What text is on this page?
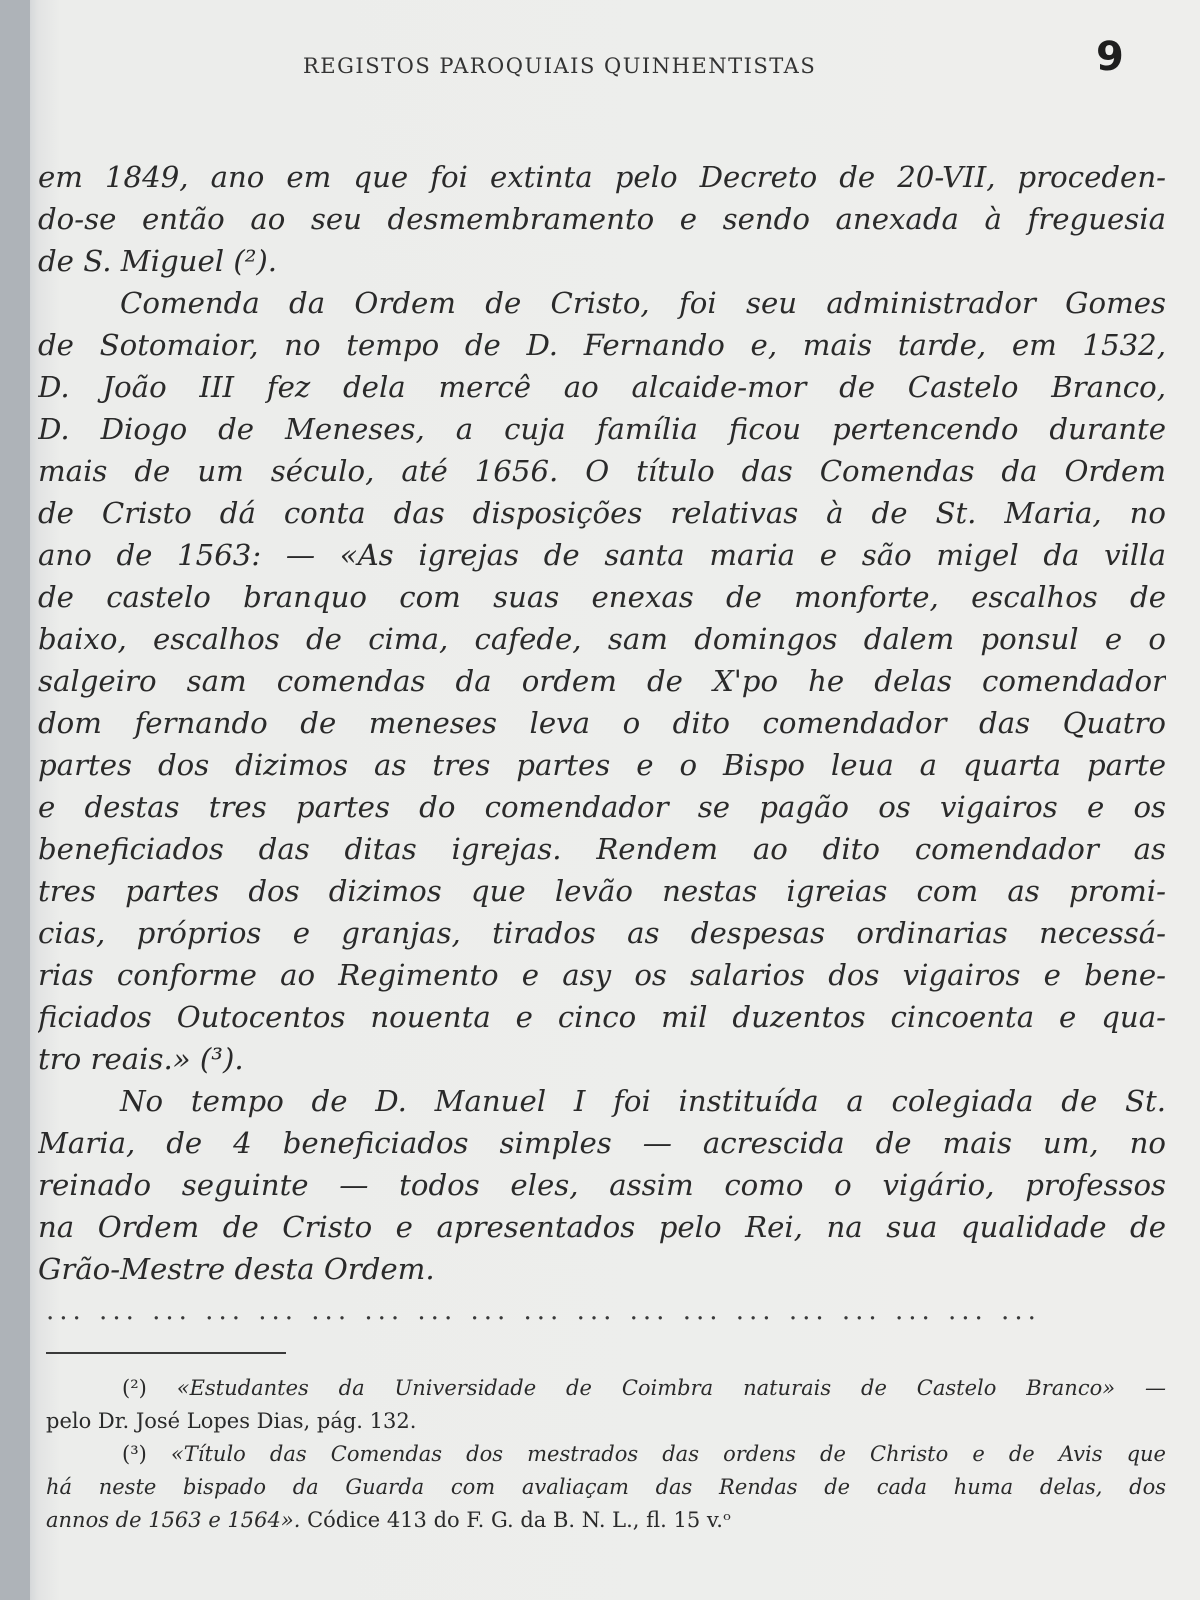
REGISTOS PAROQUIAIS QUINHENTISTAS	9
em 1849, ano em que foi extinta pelo Decreto de 20-VII, proceden-
do-se então ao seu desmembramento e sendo anexada à freguesia
de S. Miguel (²).
Comenda da Ordem de Cristo, foi seu administrador Gomes
de Sotomaior, no tempo de D. Fernando e, mais tarde, em 1532,
D. João III fez dela mercê ao alcaide-mor de Castelo Branco,
D. Diogo de Meneses, a cuja família ficou pertencendo durante
mais de um século, até 1656. O título das Comendas da Ordem
de Cristo dá conta das disposições relativas à de St. Maria, no
ano de 1563: — «As igrejas de santa maria e são migel da villa
de castelo branquo com suas enexas de monforte, escalhos de
baixo, escalhos de cima, cafede, sam domingos dalem ponsul e o
salgeiro sam comendas da ordem de X'po he delas comendador
dom fernando de meneses leva o dito comendador das Quatro
partes dos dizimos as tres partes e o Bispo leua a quarta parte
e destas tres partes do comendador se pagão os vigairos e os
beneficiados das ditas igrejas. Rendem ao dito comendador as
tres partes dos dizimos que levão nestas igreias com as promi-
cias, próprios e granjas, tirados as despesas ordinarias necessá-
rias conforme ao Regimento e asy os salarios dos vigairos e bene-
ficiados Outocentos nouenta e cinco mil duzentos cincoenta e qua-
tro reais.» (³).
No tempo de D. Manuel I foi instituída a colegiada de St.
Maria, de 4 beneficiados simples — acrescida de mais um, no
reinado seguinte — todos eles, assim como o vigário, professos
na Ordem de Cristo e apresentados pelo Rei, na sua qualidade de
Grão-Mestre desta Ordem.
... ... ... ... ... ... ... ... ... ... ... ... ... ... ... ... ... ... ...
(²) «Estudantes da Universidade de Coimbra naturais de Castelo Branco» —
pelo Dr. José Lopes Dias, pág. 132.
(³) «Título das Comendas dos mestrados das ordens de Christo e de Avis que
há neste bispado da Guarda com avaliaçam das Rendas de cada huma delas, dos
annos de 1563 e 1564». Códice 413 do F. G. da B. N. L., fl. 15 v.ᵒ
